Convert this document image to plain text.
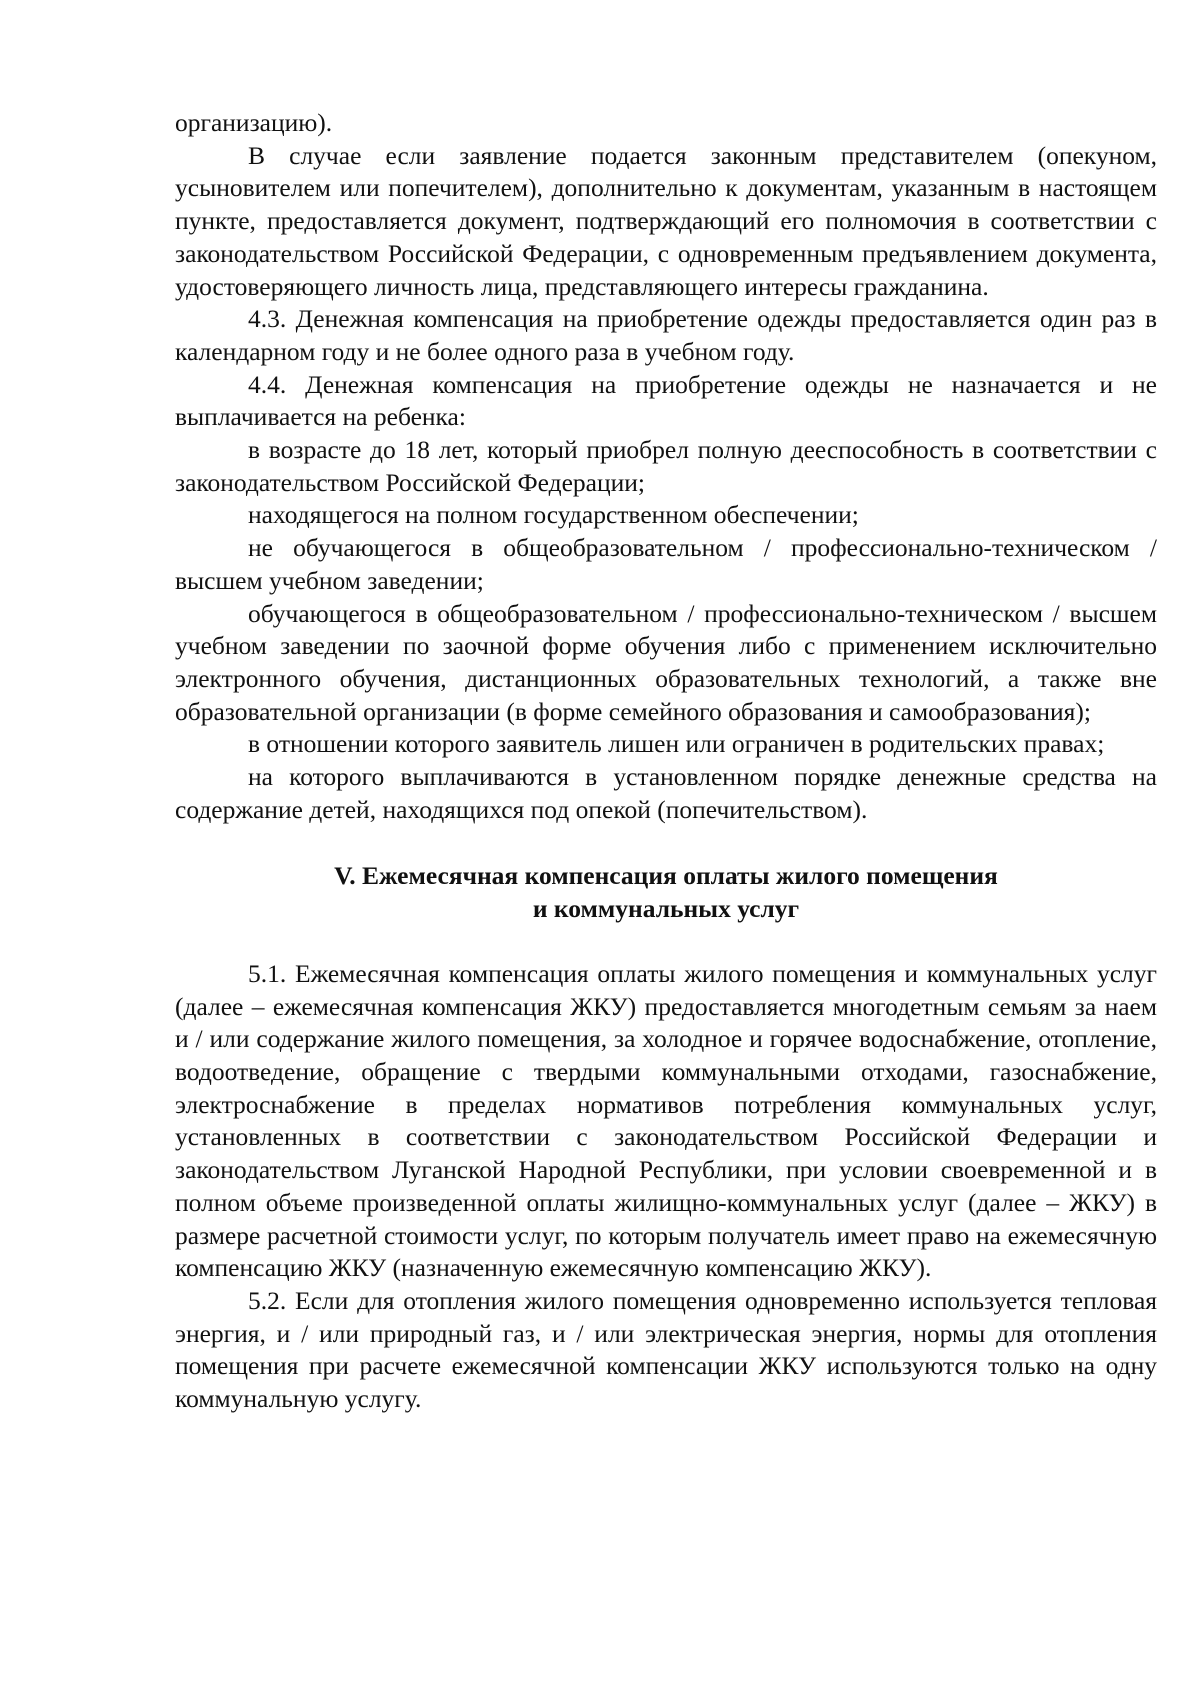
организацию).

В случае если заявление подается законным представителем (опекуном, усыновителем или попечителем), дополнительно к документам, указанным в настоящем пункте, предоставляется документ, подтверждающий его полномочия в соответствии с законодательством Российской Федерации, с одновременным предъявлением документа, удостоверяющего личность лица, представляющего интересы гражданина.

4.3. Денежная компенсация на приобретение одежды предоставляется один раз в календарном году и не более одного раза в учебном году.

4.4. Денежная компенсация на приобретение одежды не назначается и не выплачивается на ребенка:

в возрасте до 18 лет, который приобрел полную дееспособность в соответствии с законодательством Российской Федерации;

находящегося на полном государственном обеспечении;

не обучающегося в общеобразовательном / профессионально-техническом / высшем учебном заведении;

обучающегося в общеобразовательном / профессионально-техническом / высшем учебном заведении по заочной форме обучения либо с применением исключительно электронного обучения, дистанционных образовательных технологий, а также вне образовательной организации (в форме семейного образования и самообразования);

в отношении которого заявитель лишен или ограничен в родительских правах;

на которого выплачиваются в установленном порядке денежные средства на содержание детей, находящихся под опекой (попечительством).

V. Ежемесячная компенсация оплаты жилого помещения
и коммунальных услуг

5.1. Ежемесячная компенсация оплаты жилого помещения и коммунальных услуг (далее – ежемесячная компенсация ЖКУ) предоставляется многодетным семьям за наем и / или содержание жилого помещения, за холодное и горячее водоснабжение, отопление, водоотведение, обращение с твердыми коммунальными отходами, газоснабжение, электроснабжение в пределах нормативов потребления коммунальных услуг, установленных в соответствии с законодательством Российской Федерации и законодательством Луганской Народной Республики, при условии своевременной и в полном объеме произведенной оплаты жилищно-коммунальных услуг (далее – ЖКУ) в размере расчетной стоимости услуг, по которым получатель имеет право на ежемесячную компенсацию ЖКУ (назначенную ежемесячную компенсацию ЖКУ).

5.2. Если для отопления жилого помещения одновременно используется тепловая энергия, и / или природный газ, и / или электрическая энергия, нормы для отопления помещения при расчете ежемесячной компенсации ЖКУ используются только на одну коммунальную услугу.
